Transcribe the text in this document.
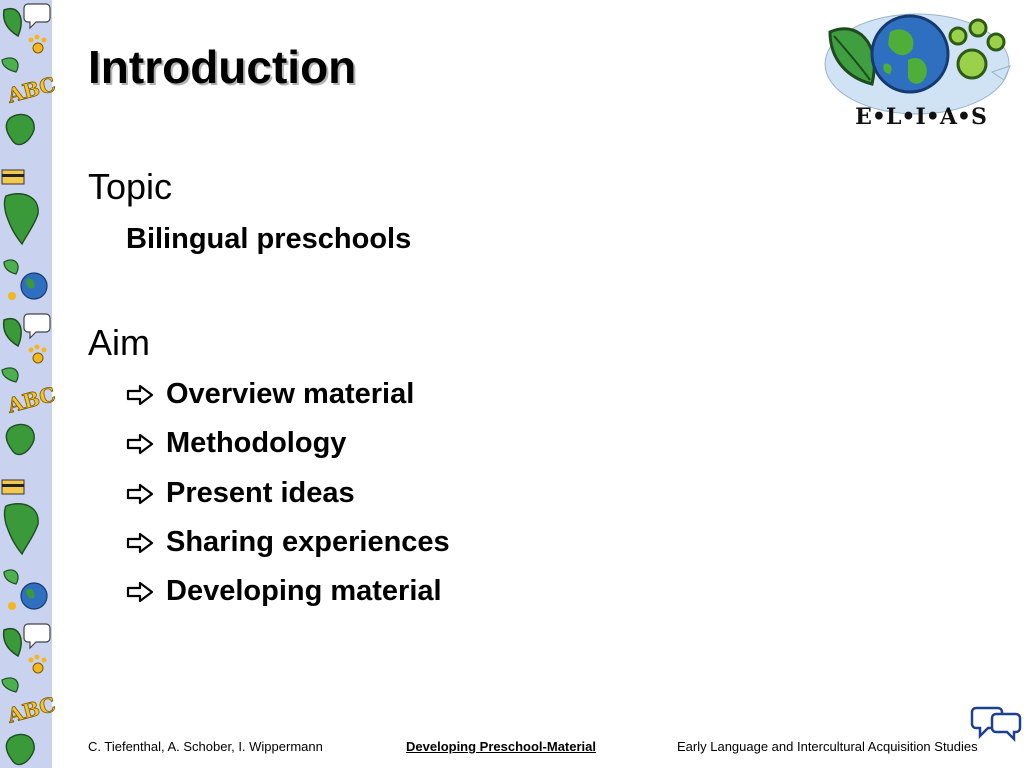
ABC Introduction
E•L•I•A•S
Topic
Bilingual preschools
Aim
Overview material
Methodology
Present ideas
Sharing experiences
Developing material
C. Tiefenthal, A. Schober, I. Wippermann	Developing Preschool-Material	Early Language and Intercultural Acquisition Studies
